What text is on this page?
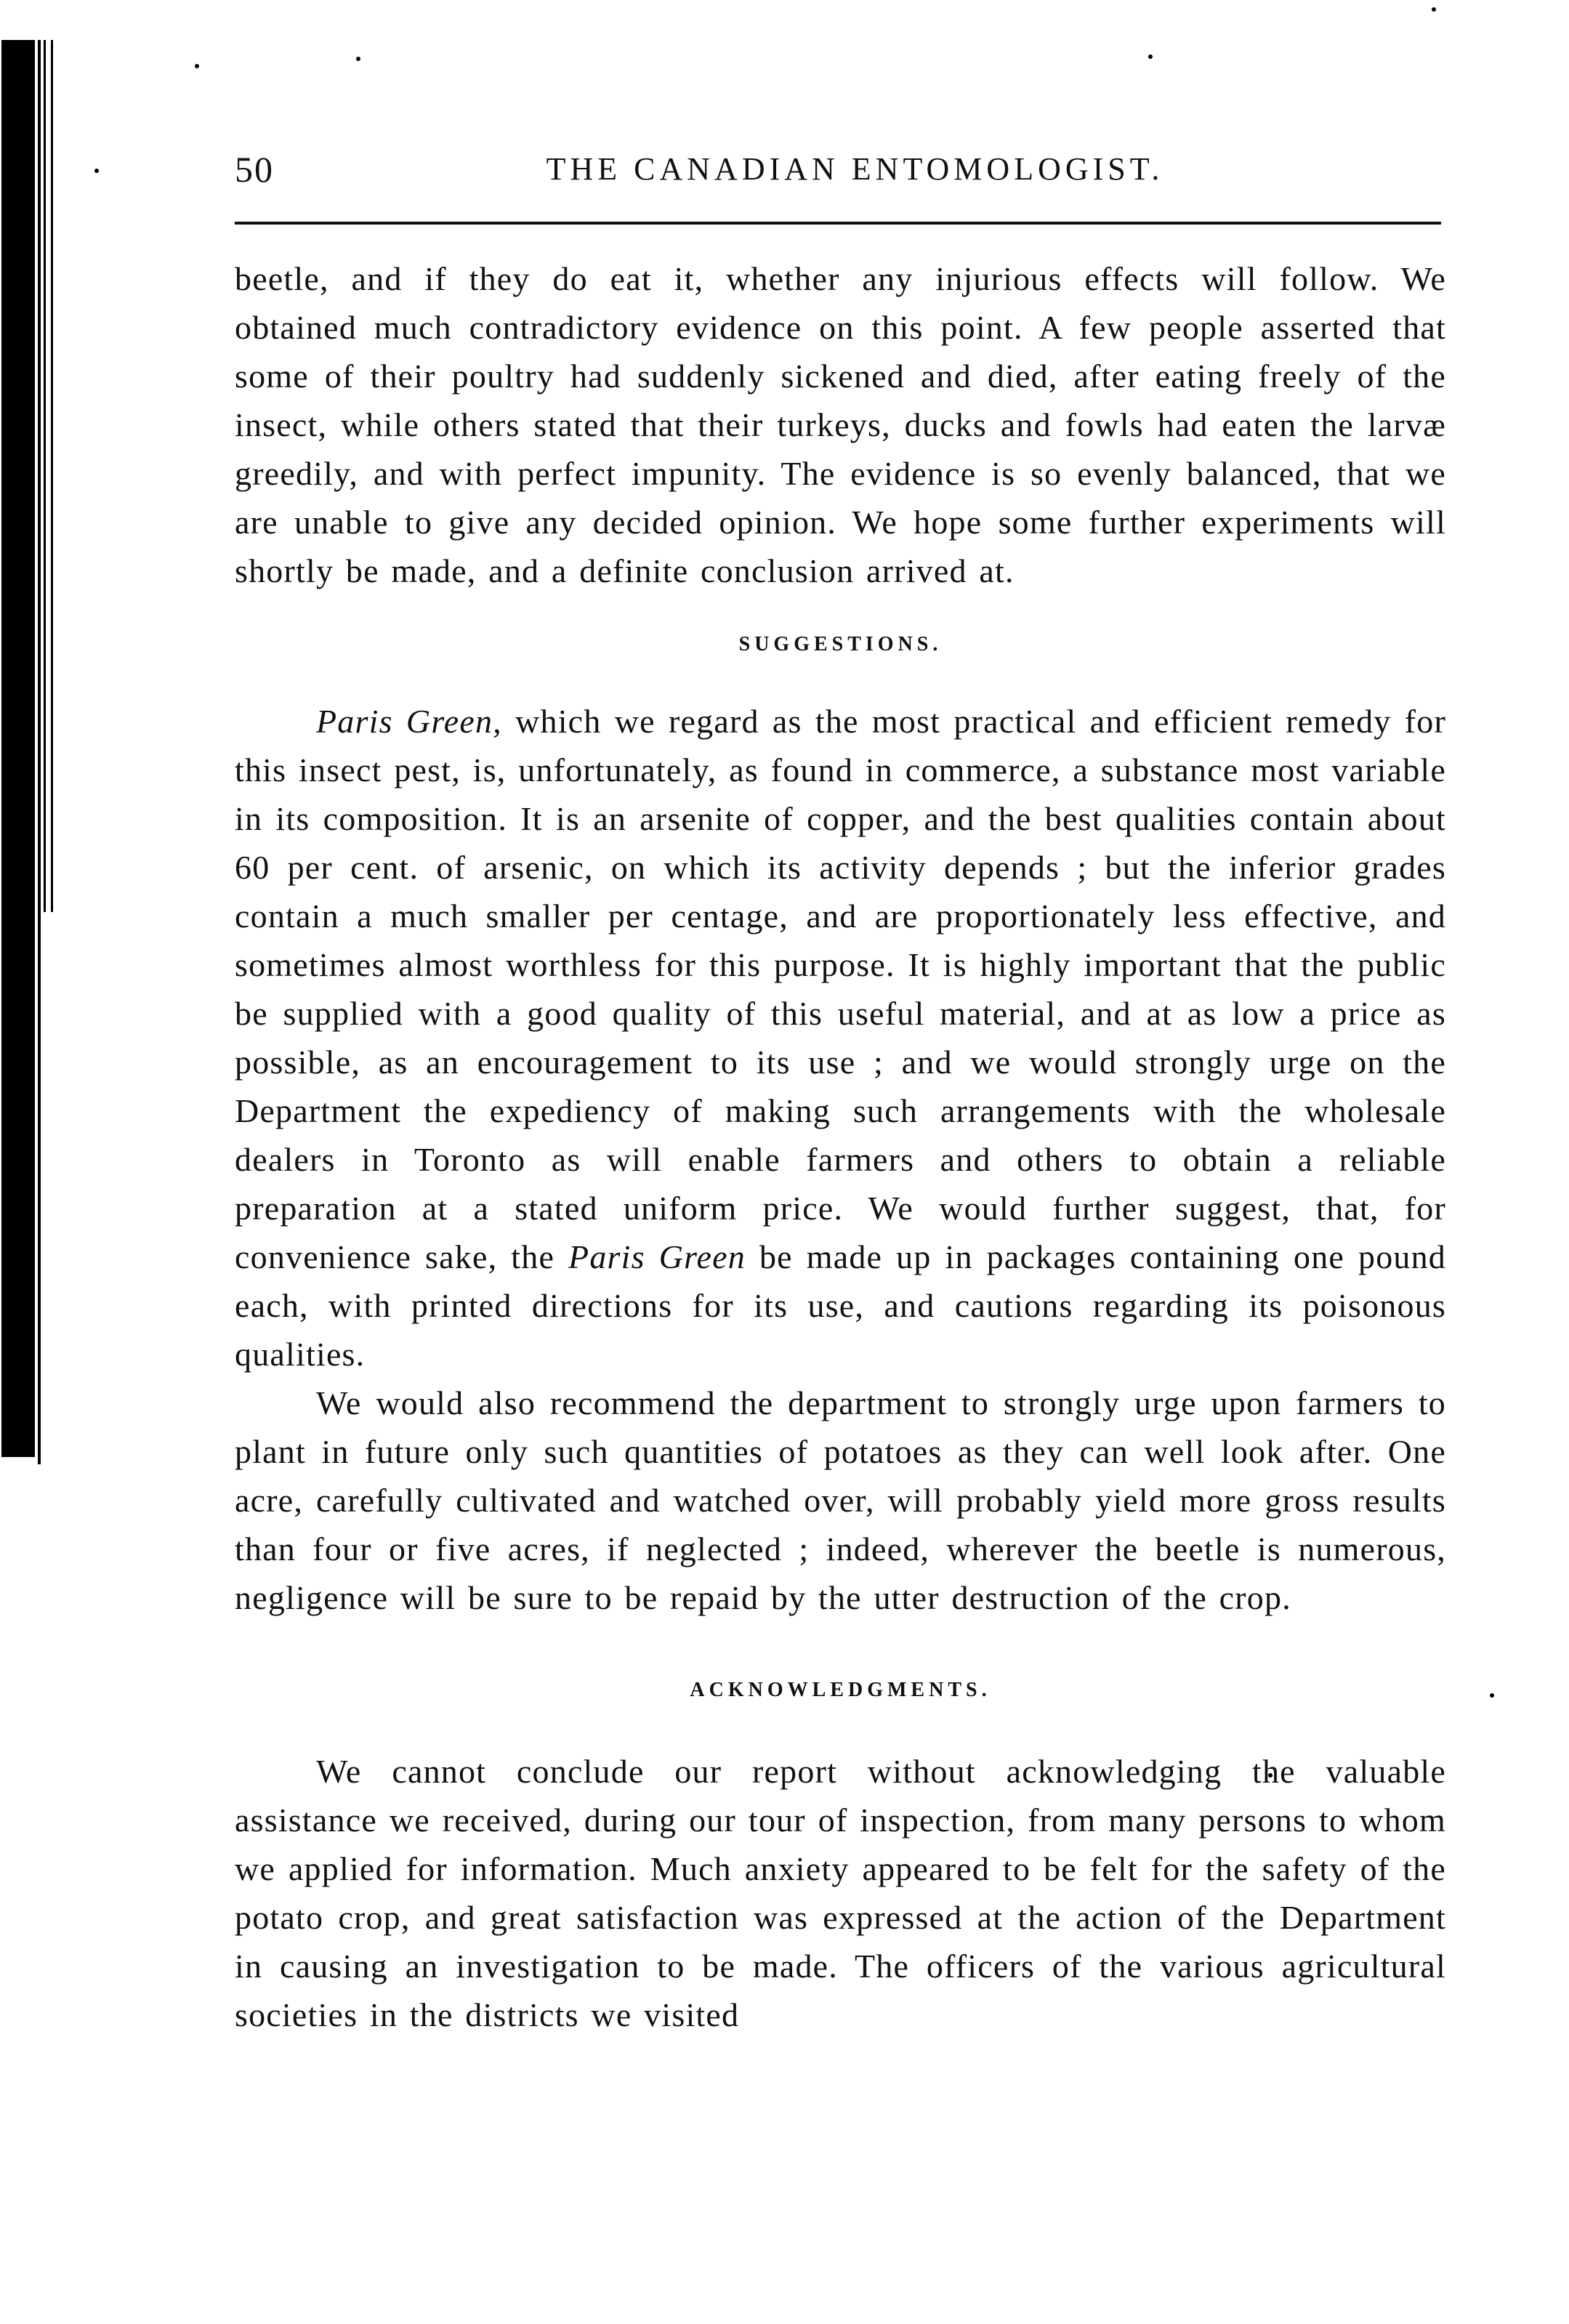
50	THE CANADIAN ENTOMOLOGIST.

beetle, and if they do eat it, whether any injurious effects will follow. We obtained much contradictory evidence on this point. A few people asserted that some of their poultry had suddenly sickened and died, after eating freely of the insect, while others stated that their turkeys, ducks and fowls had eaten the larvæ greedily, and with perfect impunity. The evidence is so evenly balanced, that we are unable to give any decided opinion. We hope some further experiments will shortly be made, and a definite conclusion arrived at.

SUGGESTIONS.

Paris Green, which we regard as the most practical and efficient remedy for this insect pest, is, unfortunately, as found in commerce, a substance most variable in its composition. It is an arsenite of copper, and the best qualities contain about 60 per cent. of arsenic, on which its activity depends ; but the inferior grades contain a much smaller per centage, and are proportionately less effective, and sometimes almost worthless for this purpose. It is highly important that the public be supplied with a good quality of this useful material, and at as low a price as possible, as an encouragement to its use ; and we would strongly urge on the Department the expediency of making such arrangements with the wholesale dealers in Toronto as will enable farmers and others to obtain a reliable preparation at a stated uniform price. We would further suggest, that, for convenience sake, the Paris Green be made up in packages containing one pound each, with printed directions for its use, and cautions regarding its poisonous qualities.

We would also recommend the department to strongly urge upon farmers to plant in future only such quantities of potatoes as they can well look after. One acre, carefully cultivated and watched over, will probably yield more gross results than four or five acres, if neglected ; indeed, wherever the beetle is numerous, negligence will be sure to be repaid by the utter destruction of the crop.

ACKNOWLEDGMENTS.

We cannot conclude our report without acknowledging the valuable assistance we received, during our tour of inspection, from many persons to whom we applied for information. Much anxiety appeared to be felt for the safety of the potato crop, and great satisfaction was expressed at the action of the Department in causing an investigation to be made. The officers of the various agricultural societies in the districts we visited
